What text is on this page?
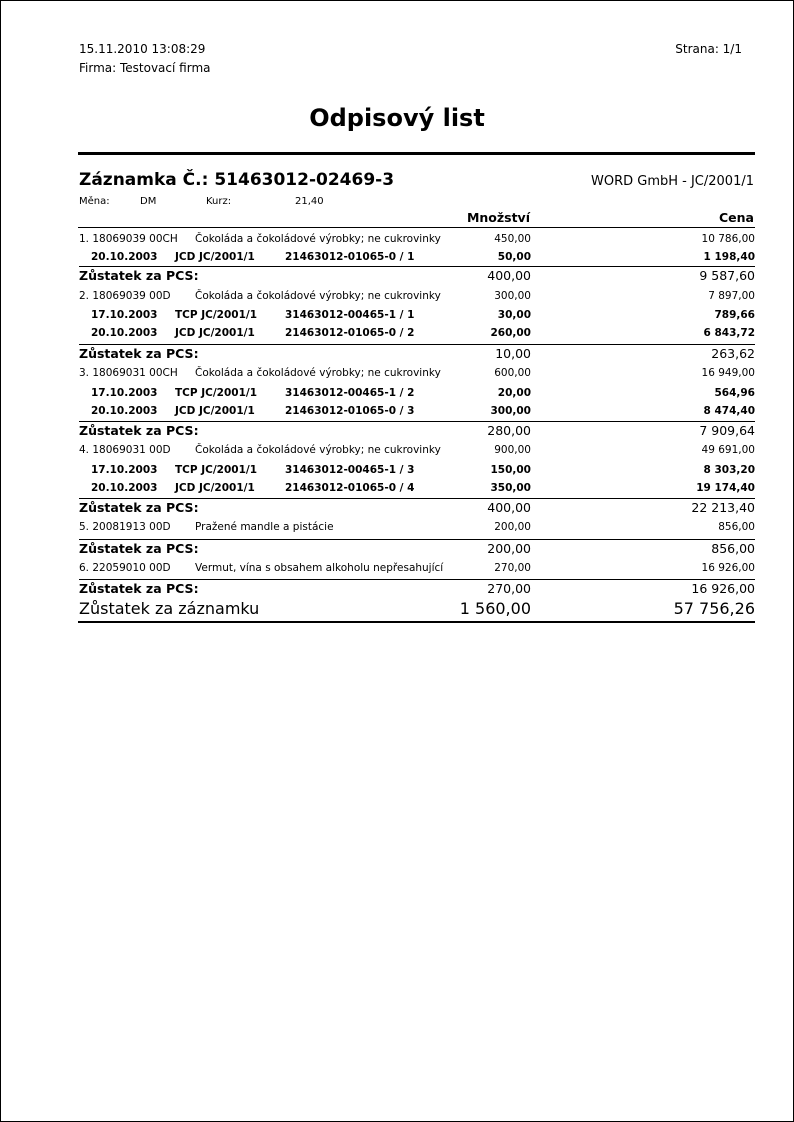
15.11.2010 13:08:29	Strana: 1/1
Firma: Testovací firma
Odpisový list
Záznamka Č.: 51463012-02469-3	WORD GmbH - JC/2001/1
Měna:	DM	Kurz:	21,40
Množství	Cena
1. 18069039 00CH Čokoláda a čokoládové výrobky; ne cukrovinky	450,00	10 786,00
20.10.2003 JCD JC/2001/1	21463012-01065-0 / 1	50,00	1 198,40
Zůstatek za PCS:	400,00	9 587,60
2. 18069039 00D Čokoláda a čokoládové výrobky; ne cukrovinky	300,00	7 897,00
17.10.2003 TCP JC/2001/1	31463012-00465-1 / 1	30,00	789,66
20.10.2003 JCD JC/2001/1	21463012-01065-0 / 2	260,00	6 843,72
Zůstatek za PCS:	10,00	263,62
3. 18069031 00CH Čokoláda a čokoládové výrobky; ne cukrovinky	600,00	16 949,00
17.10.2003 TCP JC/2001/1	31463012-00465-1 / 2	20,00	564,96
20.10.2003 JCD JC/2001/1	21463012-01065-0 / 3	300,00	8 474,40
Zůstatek za PCS:	280,00	7 909,64
4. 18069031 00D Čokoláda a čokoládové výrobky; ne cukrovinky	900,00	49 691,00
17.10.2003 TCP JC/2001/1	31463012-00465-1 / 3	150,00	8 303,20
20.10.2003 JCD JC/2001/1	21463012-01065-0 / 4	350,00	19 174,40
Zůstatek za PCS:	400,00	22 213,40
5. 20081913 00D Pražené mandle a pistácie	200,00	856,00
Zůstatek za PCS:	200,00	856,00
6. 22059010 00D Vermut, vína s obsahem alkoholu nepřesahující	270,00	16 926,00
Zůstatek za PCS:	270,00	16 926,00
Zůstatek za záznamku	1 560,00	57 756,26
